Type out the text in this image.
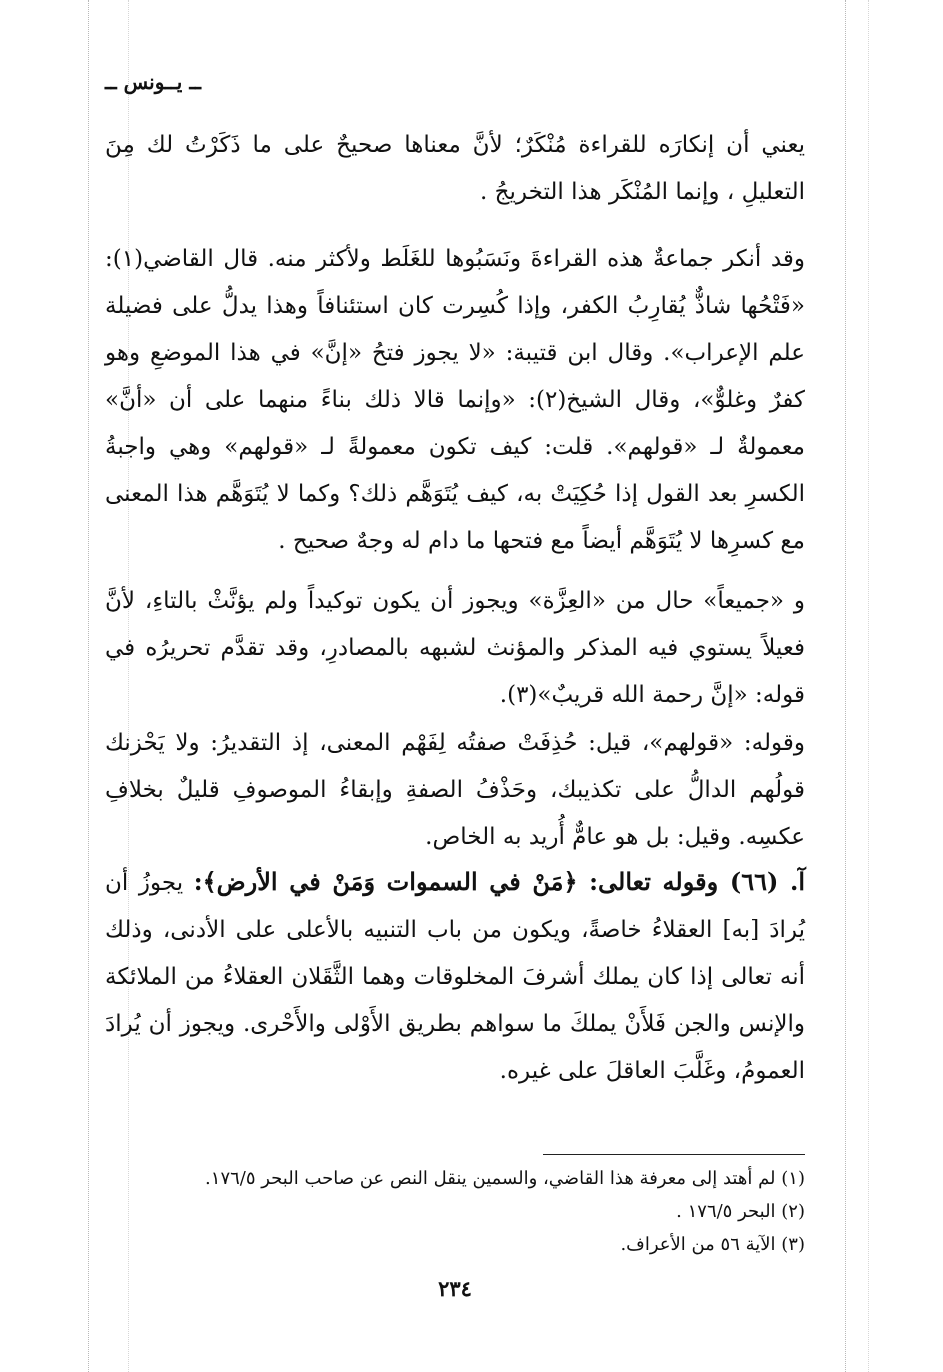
ــ يــونس ــ

يعني أن إنكارَه للقراءة مُنْكَرٌ؛ لأنَّ معناها صحيحٌ على ما ذَكَرْتُ لك مِنَ التعليلِ ، وإنما المُنْكَر هذا التخريجُ .

وقد أنكر جماعةٌ هذه القراءةَ ونَسَبُوها للغَلَط ولأكثر منه. قال القاضي(١): «فَتْحُها شاذٌّ يُقارِبُ الكفر، وإذا كُسِرت كان استئنافاً وهذا يدلُّ على فضيلة علم الإعراب». وقال ابن قتيبة: «لا يجوز فتحُ «إنَّ» في هذا الموضعِ وهو كفرٌ وغلوٌّ»، وقال الشيخ(٢): «وإنما قالا ذلك بناءً منهما على أن «أنَّ» معمولةٌ لـ «قولهم». قلت: كيف تكون معمولةً لـ «قولهم» وهي واجبةُ الكسرِ بعد القول إذا حُكِيَتْ به، كيف يُتَوَهَّم ذلك؟ وكما لا يُتَوَهَّم هذا المعنى مع كسرِها لا يُتَوَهَّم أيضاً مع فتحها ما دام له وجهٌ صحيح .

و «جميعاً» حال من «العِزَّة» ويجوز أن يكون توكيداً ولم يؤنَّثْ بالتاءِ، لأنَّ فعيلاً يستوي فيه المذكر والمؤنث لشبهه بالمصادرِ، وقد تقدَّم تحريرُه في قوله: «إنَّ رحمة الله قريبٌ»(٣).

وقوله: «قولهم»، قيل: حُذِفَتْ صفتُه لِفَهْم المعنى، إذ التقديرُ: ولا يَحْزنك قولُهم الدالُّ على تكذيبك، وحَذْفُ الصفةِ وإبقاءُ الموصوفِ قليلٌ بخلافِ عكسِه. وقيل: بل هو عامٌّ أُريد به الخاص.

آ. (٦٦) وقوله تعالى: ﴿مَنْ في السموات وَمَنْ في الأرض﴾: يجوزُ أن يُرادَ [به] العقلاءُ خاصةً، ويكون من باب التنبيه بالأعلى على الأدنى، وذلك أنه تعالى إذا كان يملك أشرفَ المخلوقات وهما الثَّقَلان العقلاءُ من الملائكة والإنس والجن فَلأَنْ يملكَ ما سواهم بطريق الأَوْلى والأَحْرى. ويجوز أن يُرادَ العمومُ، وغَلَّبَ العاقلَ على غيره.

(١) لم أهتد إلى معرفة هذا القاضي، والسمين ينقل النص عن صاحب البحر ١٧٦/٥.
(٢) البحر ١٧٦/٥ .
(٣) الآية ٥٦ من الأعراف.
٢٣٤
